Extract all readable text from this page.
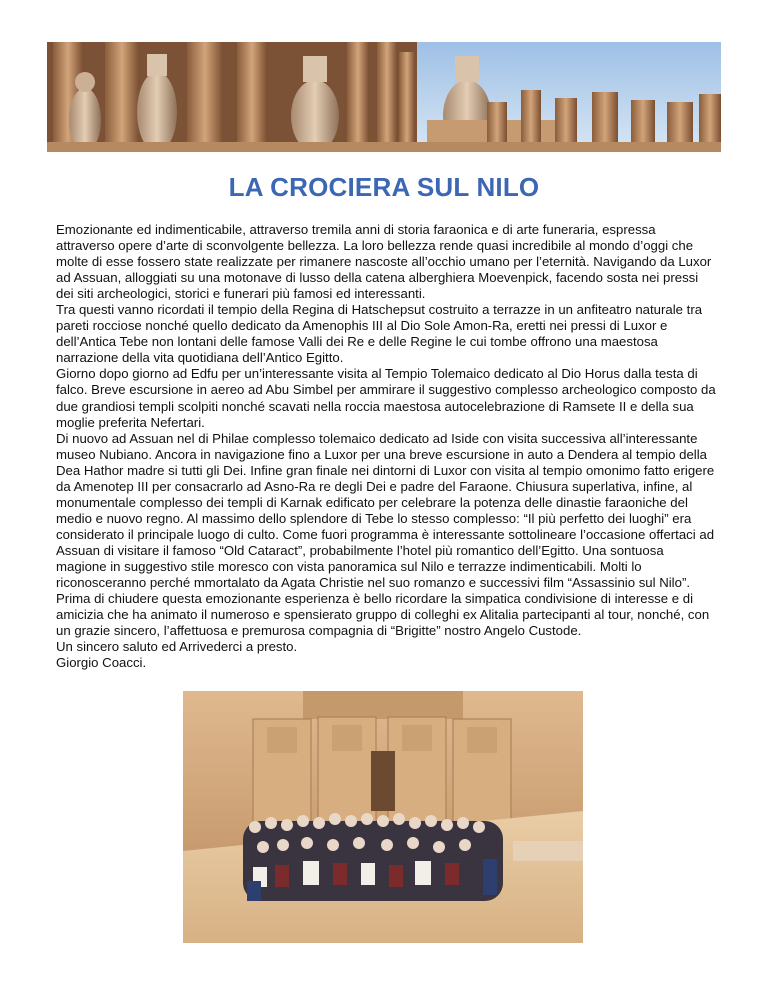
LA CROCIERA SUL NILO

Emozionante ed indimenticabile, attraverso tremila anni di storia faraonica e di arte funeraria, espressa attraverso opere d’arte di sconvolgente bellezza. La loro bellezza rende quasi incredibile al mondo d’oggi che molte di esse fossero state realizzate per rimanere nascoste all’occhio umano per l’eternità. Navigando da Luxor ad Assuan, alloggiati su una motonave di lusso della catena alberghiera Moevenpick, facendo sosta nei pressi dei siti archeologici, storici e funerari più famosi ed interessanti.

Tra questi vanno ricordati il tempio della Regina di Hatschepsut costruito a terrazze in un anfiteatro naturale tra pareti rocciose nonché quello dedicato da Amenophis III al Dio Sole Amon-Ra, eretti nei pressi di Luxor e dell’Antica Tebe non lontani delle famose Valli dei Re e delle Regine le cui tombe offrono una maestosa narrazione della vita quotidiana dell’Antico Egitto.

Giorno dopo giorno ad Edfu per un’interessante visita al Tempio Tolemaico dedicato al Dio Horus dalla testa di falco. Breve escursione in aereo ad Abu Simbel per ammirare il suggestivo complesso archeologico composto da due grandiosi templi scolpiti nonché scavati nella roccia maestosa autocelebrazione di Ramsete II e della sua moglie preferita Nefertari.

Di nuovo ad Assuan nel di Philae complesso tolemaico dedicato ad Iside con visita successiva all’interessante museo Nubiano. Ancora in navigazione fino a Luxor per una breve escursione in auto a Dendera al tempio della Dea Hathor madre si tutti gli Dei. Infine gran finale nei dintorni di Luxor con visita al tempio omonimo fatto erigere da Amenotep III per consacrarlo ad Asno-Ra re degli Dei e padre del Faraone. Chiusura superlativa, infine, al monumentale complesso dei templi di Karnak edificato per celebrare la potenza delle dinastie faraoniche del medio e nuovo regno. Al massimo dello splendore di Tebe lo stesso complesso: “Il più perfetto dei luoghi” era considerato il principale luogo di culto. Come fuori programma è interessante sottolineare l’occasione offertaci ad Assuan di visitare il famoso “Old Cataract”, probabilmente l’hotel più romantico dell’Egitto. Una sontuosa magione in suggestivo stile moresco con vista panoramica sul Nilo e terrazze indimenticabili. Molti lo riconosceranno perché mmortalato da Agata Christie nel suo romanzo e successivi film “Assassinio sul Nilo”.

Prima di chiudere questa emozionante esperienza è bello ricordare la simpatica condivisione di interesse e di amicizia che ha animato il numeroso e spensierato gruppo di colleghi ex Alitalia partecipanti al tour, nonché, con un grazie sincero, l’affettuosa e premurosa compagnia di “Brigitte” nostro Angelo Custode.

Un sincero saluto ed Arrivederci a presto.

Giorgio Coacci.
